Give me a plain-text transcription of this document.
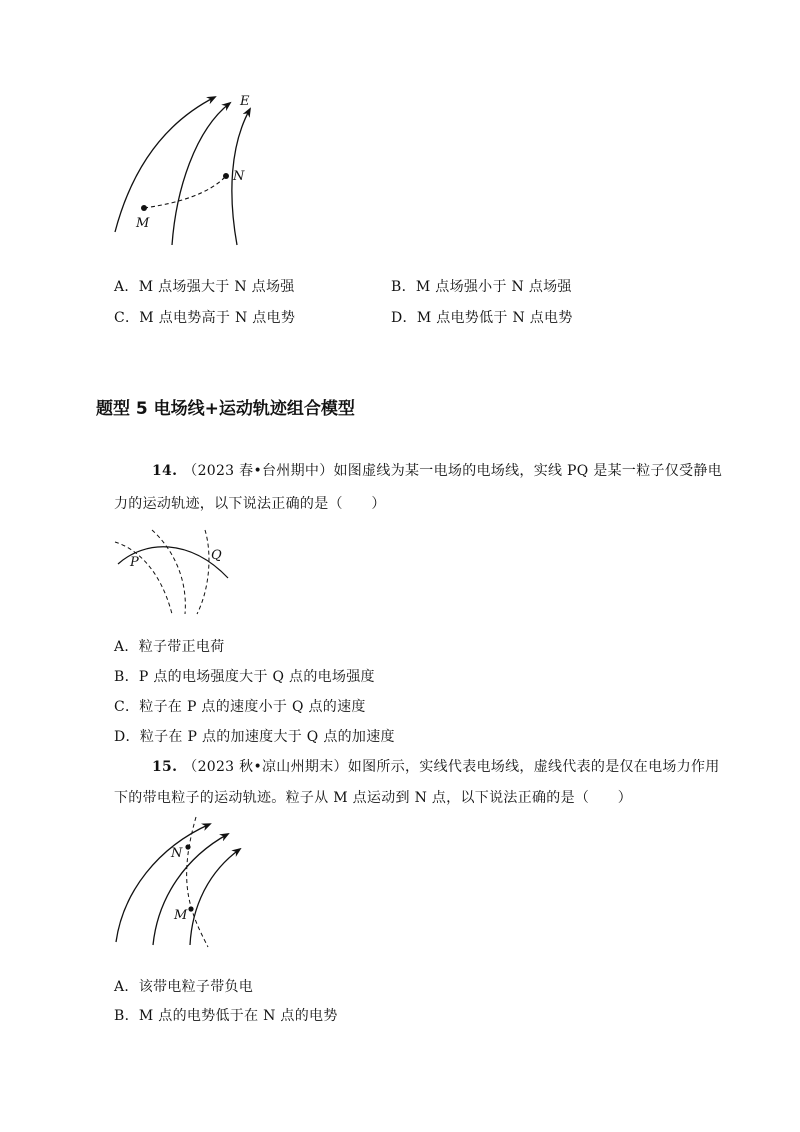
E
N
M
A．M 点场强大于 N 点场强	B．M 点场强小于 N 点场强
C．M 点电势高于 N 点电势	D．M 点电势低于 N 点电势
题型 5 电场线+运动轨迹组合模型
14. （2023 春•台州期中）如图虚线为某一电场的电场线，实线 PQ 是某一粒子仅受静电
力的运动轨迹，以下说法正确的是（　　）
P	Q
A．粒子带正电荷
B．P 点的电场强度大于 Q 点的电场强度
C．粒子在 P 点的速度小于 Q 点的速度
D．粒子在 P 点的加速度大于 Q 点的加速度
15. （2023 秋•凉山州期末）如图所示，实线代表电场线，虚线代表的是仅在电场力作用
下的带电粒子的运动轨迹。粒子从 M 点运动到 N 点，以下说法正确的是（　　）
N
M
A．该带电粒子带负电
B．M 点的电势低于在 N 点的电势
